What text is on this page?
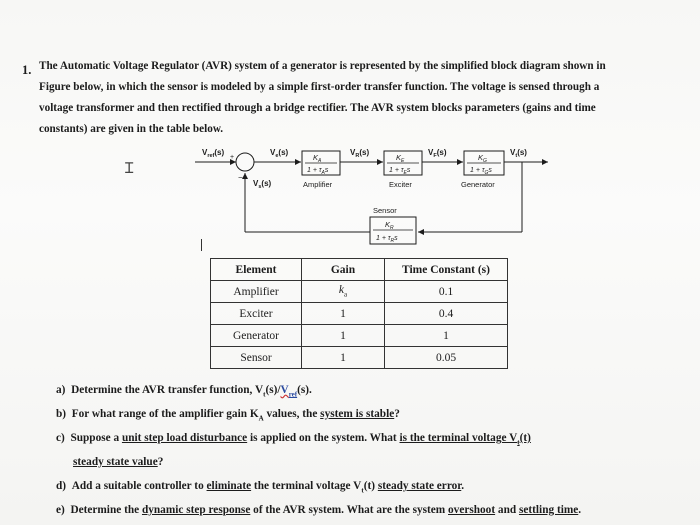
1. The Automatic Voltage Regulator (AVR) system of a generator is represented by the simplified block diagram shown in
Figure below, in which the sensor is modeled by a simple first-order transfer function. The voltage is sensed through a
voltage transformer and then rectified through a bridge rectifier. The AVR system blocks parameters (gains and time
constants) are given in the table below.
Ɪ
$V_{ref}(s)$	$V_e(s)$
$V_s(s)$
$V_R(s)$	$V_F(s)$	$V_t(s)$
+
−
$K_A$
$1 + \tau_As$
Amplifier
$K_E$
$1 + \tau_Es$
Exciter
$K_G$
$1 + \tau_Gs$
Generator
Sensor
$K_R$
$1 + \tau_Rs$
Element	Gain	Time Constant (s)
Amplifier	$k_a$	0.1
Exciter	1	0.4
Generator	1	1
Sensor	1	0.05
a) Determine the AVR transfer function, $V_t(s)/V_{ref}(s)$.
b) For what range of the amplifier gain $K_A$ values, the system is stable?
c) Suppose a unit step load disturbance is applied on the system. What is the terminal voltage $V_t(t)$
steady state value?
d) Add a suitable controller to eliminate the terminal voltage $V_t(t)$ steady state error.
e) Determine the dynamic step response of the AVR system. What are the system overshoot and settling time.
